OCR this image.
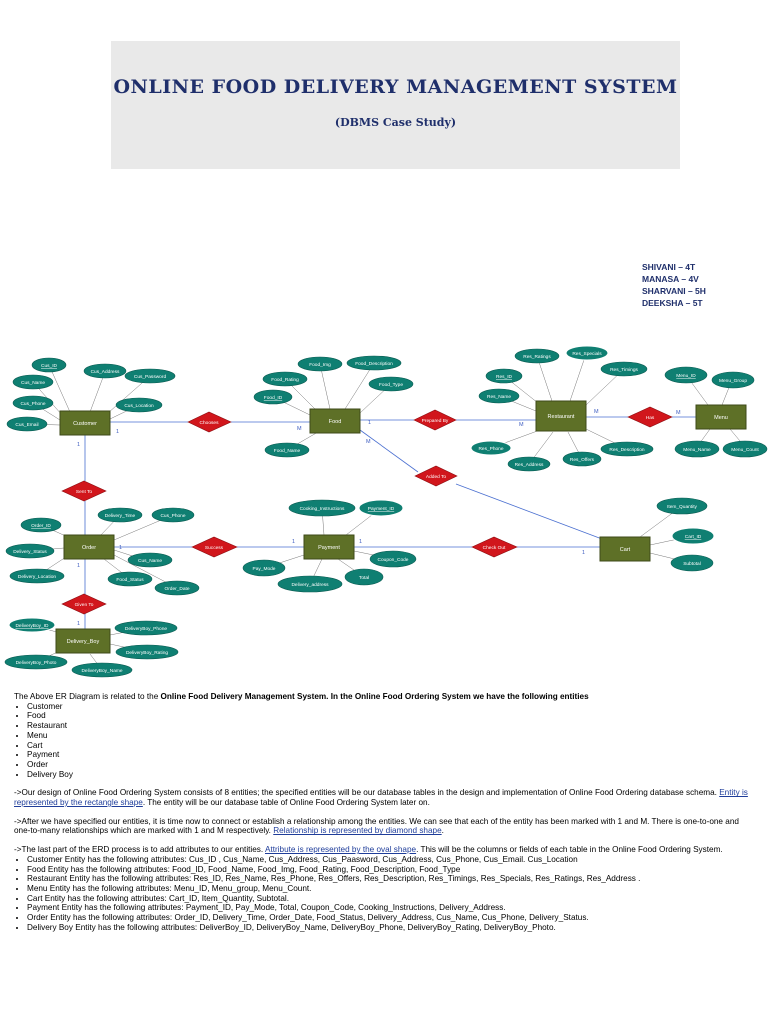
ONLINE FOOD DELIVERY MANAGEMENT SYSTEM
(DBMS Case Study)
SHIVANI – 4T
MANASA – 4V
SHARVANI – 5H
DEEKSHA – 5T
Customer	Food
Restaurant	Menu
Order	Payment	Cart
Delivery_Boy
Chooses	Prepared By
Has
Added To
Sent To
Success	Check Out
Given To
1	M
M
M
1
M
1
M
1
1	1
1
1
1
Cus_ID
Cus_Address
Cus_Name
Cus_Password
Cus_Phone	Cus_Location
Cus_Email
Food_Img	Food_Description
Food_Rating
Food_Type
Food_ID
Food_Name
Res_Ratings
Res_Specials
Res_ID
Res_Timings
Res_Name
Res_Phone
Res_Address
Res_Offers
Res_Description
Menu_ID
Menu_Group
Menu_Name	Menu_Count
Order_ID
Delivery_Time	Cus_Phone
Delivery_Status
Cus_Name
Delivery_Location
Food_Status
Order_Date
Cooking_Instructions	Payment_ID
Coupon_Code
Pay_Mode
Total
Delivery_address
Item_Quantity
Cart_ID
Subtotal
DeliveryBoy_ID
DeliveryBoy_Phone
DeliveryBoy_Rating
DeliveryBoy_Photo
DeliveryBoy_Name

The Above ER Diagram is related to the Online Food Delivery Management System. In the Online Food Ordering System we have the following entities

• Customer
• Food
• Restaurant
• Menu
• Cart
• Payment
• Order
• Delivery Boy

->Our design of Online Food Ordering System consists of 8 entities; the specified entities will be our database tables in the design and implementation of Online Food Ordering database schema. Entity is represented by the rectangle shape. The entity will be our database table of Online Food Ordering System later on.

->After we have specified our entities, it is time now to connect or establish a relationship among the entities. We can see that each of the entity has been marked with 1 and M. There is one-to-one and one-to-many relationships which are marked with 1 and M respectively. Relationship is represented by diamond shape.

->The last part of the ERD process is to add attributes to our entities. Attribute is represented by the oval shape. This will be the columns or fields of each table in the Online Food Ordering System.

• Customer Entity has the following attributes: Cus_ID , Cus_Name, Cus_Address, Cus_Paasword, Cus_Address, Cus_Phone, Cus_Email. Cus_Location
• Food Entity has the following attributes: Food_ID, Food_Name, Food_Img, Food_Rating, Food_Description, Food_Type
• Restaurant Entity has the following attributes: Res_ID, Res_Name, Res_Phone, Res_Offers, Res_Description, Res_Timings, Res_Specials, Res_Ratings, Res_Address .
• Menu Entity has the following attributes: Menu_ID, Menu_group, Menu_Count.
• Cart Entity has the following attributes: Cart_ID, Item_Quantity, Subtotal.
• Payment Entity has the following attributes: Payment_ID, Pay_Mode, Total, Coupon_Code, Cooking_Instructions, Delivery_Address.
• Order Entity has the following attributes: Order_ID, Delivery_Time, Order_Date, Food_Status, Delivery_Address, Cus_Name, Cus_Phone, Delivery_Status.
• Delivery Boy Entity has the following attributes: DeliverBoy_ID, DeliveryBoy_Name, DeliveryBoy_Phone, DeliveryBoy_Rating, DeliveryBoy_Photo.
